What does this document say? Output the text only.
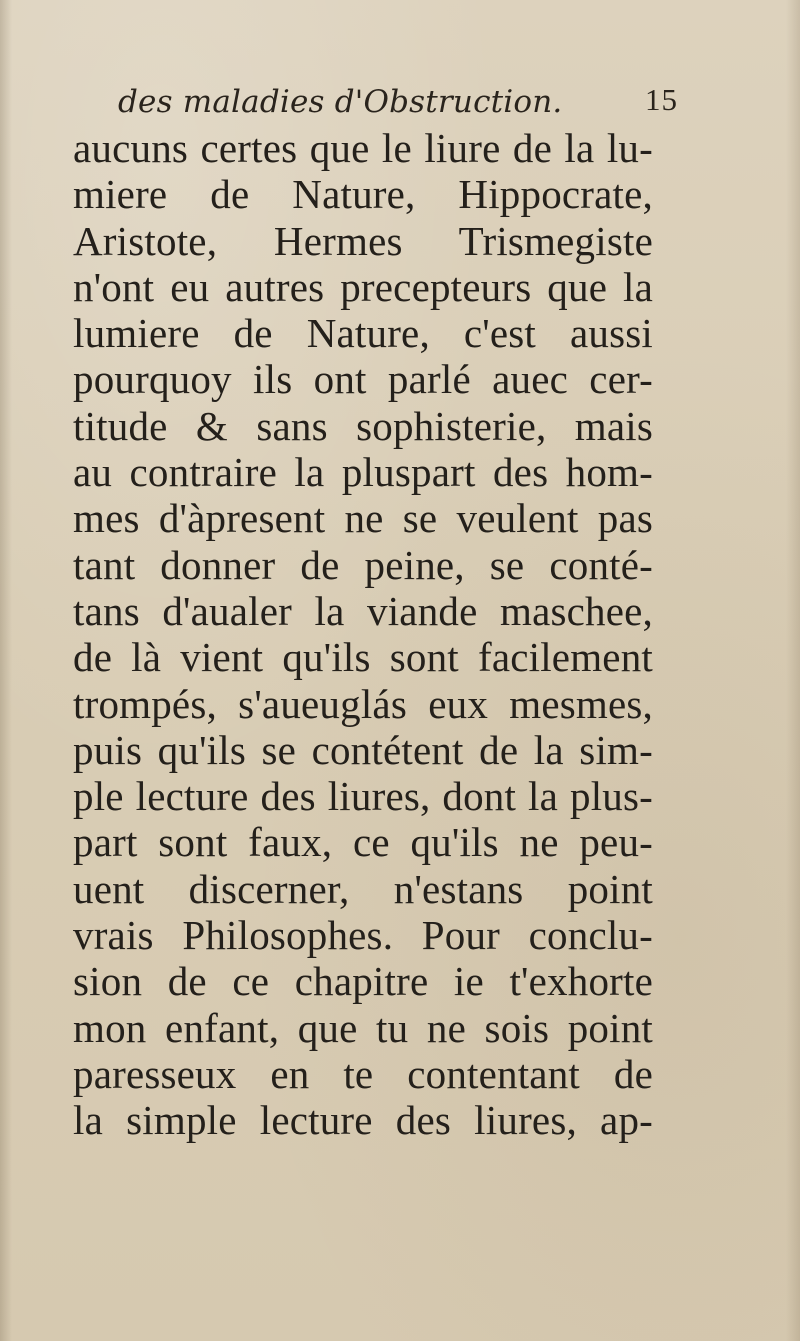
des maladies d'Obstruction.	15
aucuns certes que le liure de la lu-
miere de Nature, Hippocrate,
Aristote, Hermes Trismegiste
n'ont eu autres precepteurs que la
lumiere de Nature, c'est aussi
pourquoy ils ont parlé auec cer-
titude & sans sophisterie, mais
au contraire la pluspart des hom-
mes d'àpresent ne se veulent pas
tant donner de peine, se conté-
tans d'aualer la viande maschee,
de là vient qu'ils sont facilement
trompés, s'aueuglás eux mesmes,
puis qu'ils se contétent de la sim-
ple lecture des liures, dont la plus-
part sont faux, ce qu'ils ne peu-
uent discerner, n'estans point
vrais Philosophes. Pour conclu-
sion de ce chapitre ie t'exhorte
mon enfant, que tu ne sois point
paresseux en te contentant de
la simple lecture des liures, ap-
